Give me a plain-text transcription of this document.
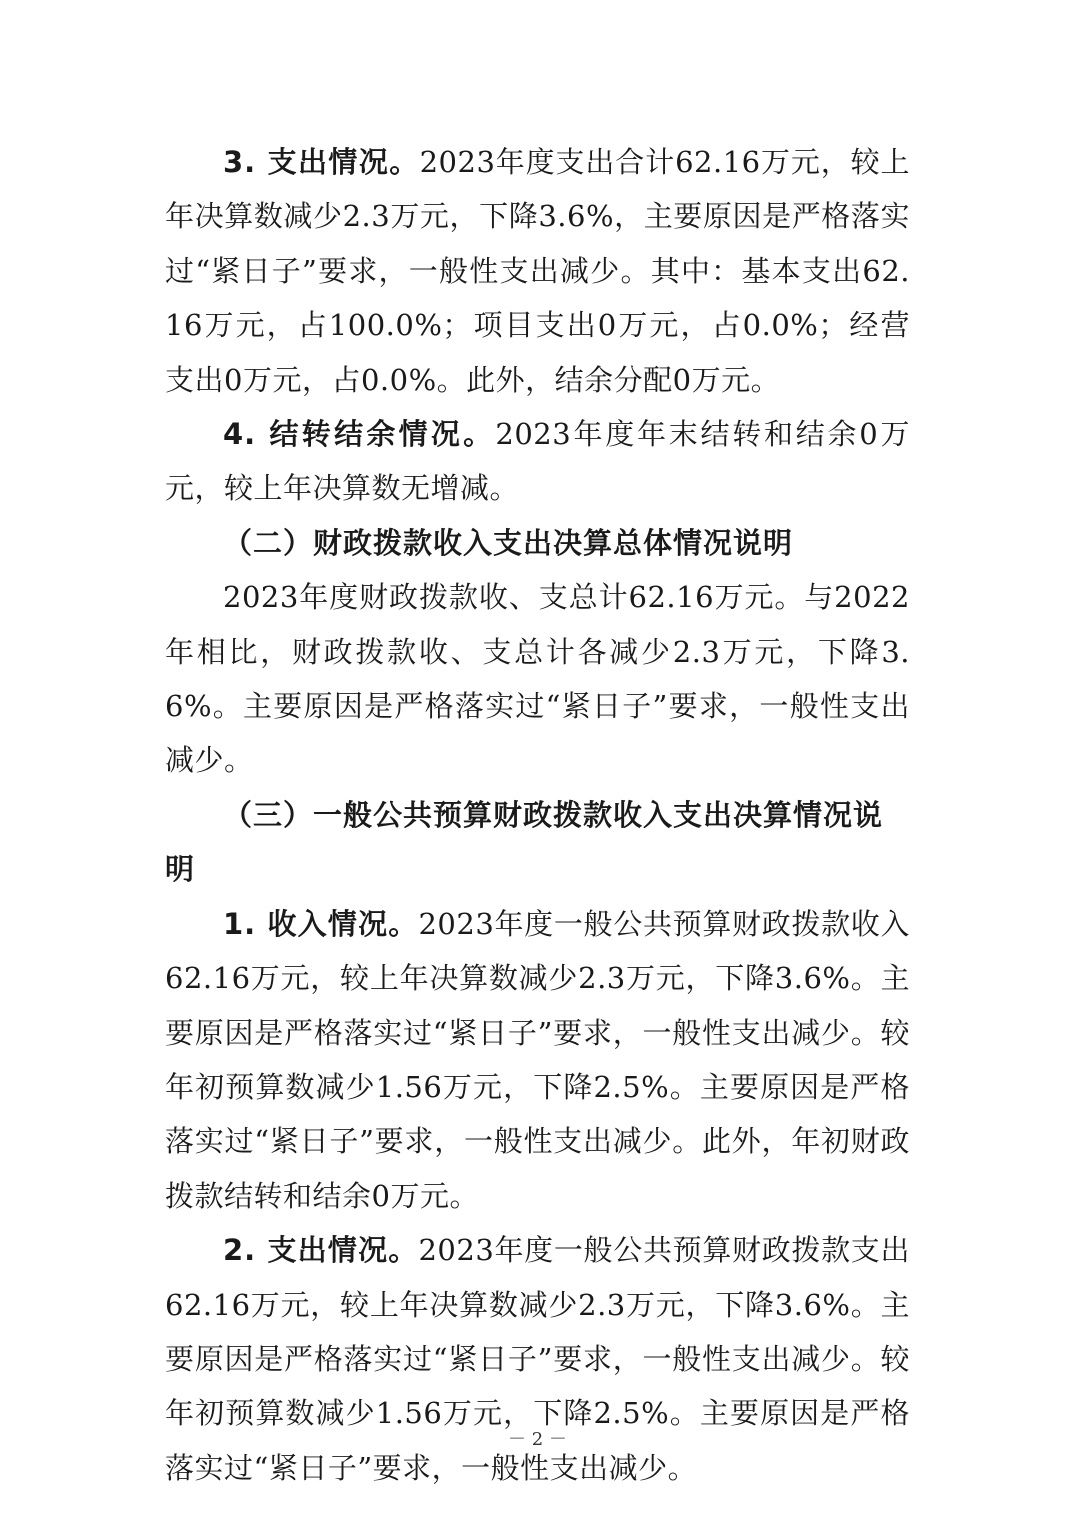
3. 支出情况。2023年度支出合计62.16万元，较上年决算数减少2.3万元，下降3.6%，主要原因是严格落实过“紧日子”要求，一般性支出减少。其中：基本支出62.16万元，占100.0%；项目支出0万元，占0.0%；经营支出0万元，占0.0%。此外，结余分配0万元。

4. 结转结余情况。2023年度年末结转和结余0万元，较上年决算数无增减。

（二）财政拨款收入支出决算总体情况说明

2023年度财政拨款收、支总计62.16万元。与2022年相比，财政拨款收、支总计各减少2.3万元，下降3.6%。主要原因是严格落实过“紧日子”要求，一般性支出减少。

（三）一般公共预算财政拨款收入支出决算情况说明

1. 收入情况。2023年度一般公共预算财政拨款收入62.16万元，较上年决算数减少2.3万元，下降3.6%。主要原因是严格落实过“紧日子”要求，一般性支出减少。较年初预算数减少1.56万元，下降2.5%。主要原因是严格落实过“紧日子”要求，一般性支出减少。此外，年初财政拨款结转和结余0万元。

2. 支出情况。2023年度一般公共预算财政拨款支出62.16万元，较上年决算数减少2.3万元，下降3.6%。主要原因是严格落实过“紧日子”要求，一般性支出减少。较年初预算数减少1.56万元，下降2.5%。主要原因是严格落实过“紧日子”要求，一般性支出减少。

－ 2 －
